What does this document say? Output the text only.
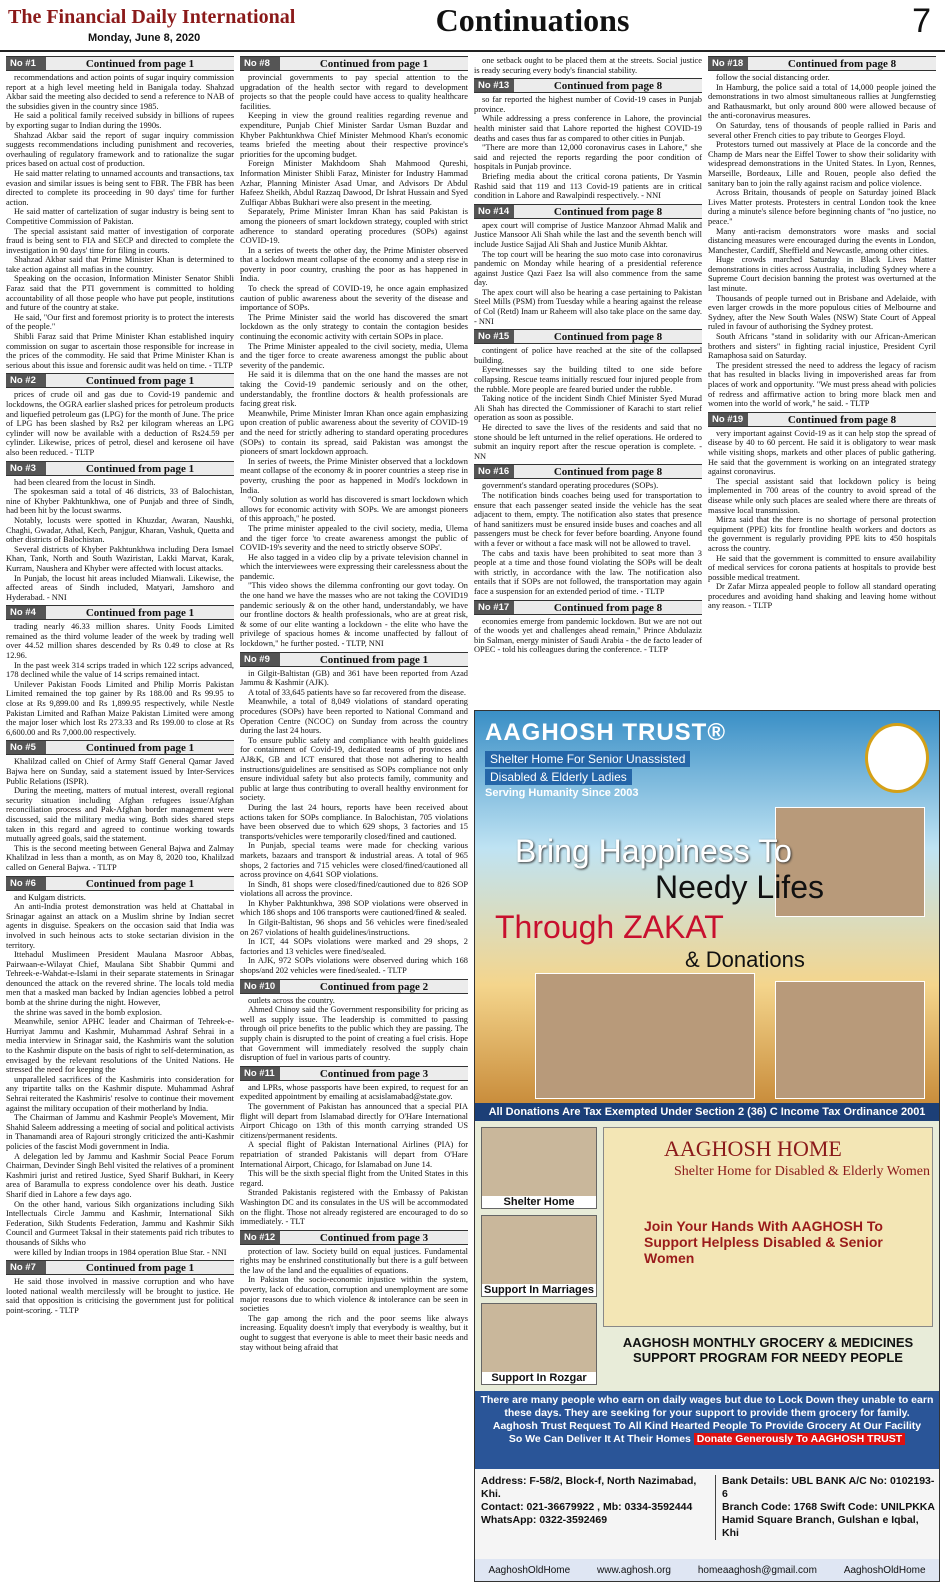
The Financial Daily International
Monday, June 8, 2020	Continuations	7
No #1	Continued from page 1

recommendations and action points of sugar inquiry commission report at a high level meeting held in Banigala today. Shahzad Akbar said the meeting also decided to send a reference to NAB of the subsidies given in the country since 1985.

He said a political family received subsidy in billions of rupees by exporting sugar to Indian during the 1990s.

Shahzad Akbar said the report of sugar inquiry commission suggests recommendations including punishment and recoveries, overhauling of regulatory framework and to rationalize the sugar prices based on actual cost of production.

He said matter relating to unnamed accounts and transactions, tax evasion and similar issues is being sent to FBR. The FBR has been directed to complete its proceeding in 90 days' time for further action.

He said matter of cartelization of sugar industry is being sent to Competitive Commission of Pakistan.

The special assistant said matter of investigation of corporate fraud is being sent to FIA and SECP and directed to complete the investigation in 90 days' time for filing in courts.

Shahzad Akbar said that Prime Minister Khan is determined to take action against all mafias in the country.

Speaking on the occasion, Information Minister Senator Shibli Faraz said that the PTI government is committed to holding accountability of all those people who have put people, institutions and future of the country at stake.

He said, "Our first and foremost priority is to protect the interests of the people."

Shibli Faraz said that Prime Minister Khan established inquiry commission on sugar to ascertain those responsible for increase in the prices of the commodity. He said that Prime Minister Khan is serious about this issue and forensic audit was held on time. - TLTP

No #2	Continued from page 1

prices of crude oil and gas due to Covid-19 pandemic and lockdowns, the OGRA earlier slashed prices for petroleum products and liquefied petroleum gas (LPG) for the month of June. The price of LPG has been slashed by Rs2 per kilogram whereas an LPG cylinder will now be available with a deduction of Rs24.59 per cylinder. Likewise, prices of petrol, diesel and kerosene oil have also been reduced. - TLTP

No #3	Continued from page 1

had been cleared from the locust in Sindh.

The spokesman said a total of 46 districts, 33 of Balochistan, nine of Khyber Pakhtunkhwa, one of Punjab and three of Sindh, had been hit by the locust swarms.

Notably, locusts were spotted in Khuzdar, Awaran, Naushki, Chaghi, Gwadar, Athal, Kech, Panjgur, Kharan, Vashuk, Quetta and other districts of Balochistan.

Several districts of Khyber Pakhtunkhwa including Dera Ismael Khan, Tank, North and South Waziristan, Lakki Marvat, Karak, Kurram, Naushera and Khyber were affected with locust attacks.

In Punjab, the locust hit areas included Mianwali. Likewise, the affected areas of Sindh included, Matyari, Jamshoro and Hyderabad. - NNI

No #4	Continued from page 1

trading nearly 46.33 million shares. Unity Foods Limited remained as the third volume leader of the week by trading well over 44.52 million shares descended by Rs 0.49 to close at Rs 12.96.

In the past week 314 scrips traded in which 122 scrips advanced, 178 declined while the value of 14 scrips remained intact.

Unilever Pakistan Foods Limited and Philip Morris Pakistan Limited remained the top gainer by Rs 188.00 and Rs 99.95 to close at Rs 9,899.00 and Rs 1,899.95 respectively, while Nestle Pakistan Limited and Rafhan Maize Pakistan Limited were among the major loser which lost Rs 273.33 and Rs 199.00 to close at Rs 6,600.00 and Rs 7,000.00 respectively.

No #5	Continued from page 1

Khalilzad called on Chief of Army Staff General Qamar Javed Bajwa here on Sunday, said a statement issued by Inter-Services Public Relations (ISPR).

During the meeting, matters of mutual interest, overall regional security situation including Afghan refugees issue/Afghan reconciliation process and Pak-Afghan border management were discussed, said the military media wing. Both sides shared steps taken in this regard and agreed to continue working towards mutually agreed goals, said the statement.

This is the second meeting between General Bajwa and Zalmay Khalilzad in less than a month, as on May 8, 2020 too, Khalilzad called on General Bajwa. - TLTP

No #6	Continued from page 1

and Kulgam districts.

An anti-India protest demonstration was held at Chattabal in Srinagar against an attack on a Muslim shrine by Indian secret agents in disguise. Speakers on the occasion said that India was involved in such heinous acts to stoke sectarian division in the territory.

Ittehadul Muslimeen President Maulana Masroor Abbas, Pairwaan-e-Wilayat Chief, Maulana Sibt Shabbir Qummi and Tehreek-e-Wahdat-e-Islami in their separate statements in Srinagar denounced the attack on the revered shrine. The locals told media men that a masked man backed by Indian agencies lobbed a petrol bomb at the shrine during the night. However,

the shrine was saved in the bomb explosion.

Meanwhile, senior APHC leader and Chairman of Tehreek-e-Hurriyat Jammu and Kashmir, Muhammad Ashraf Sehrai in a media interview in Srinagar said, the Kashmiris want the solution to the Kashmir dispute on the basis of right to self-determination, as envisaged by the relevant resolutions of the United Nations. He stressed the need for keeping the

unparalleled sacrifices of the Kashmiris into consideration for any tripartite talks on the Kashmir dispute. Muhammad Ashraf Sehrai reiterated the Kashmiris' resolve to continue their movement against the military occupation of their motherland by India.

The Chairman of Jammu and Kashmir People's Movement, Mir Shahid Saleem addressing a meeting of social and political activists in Thanamandi area of Rajouri strongly criticized the anti-Kashmir policies of the fascist Modi government in India.

A delegation led by Jammu and Kashmir Social Peace Forum Chairman, Devinder Singh Behl visited the relatives of a prominent Kashmiri jurist and retired Justice, Syed Sharif Bukhari, in Keery area of Baramulla to express condolence over his death. Justice Sharif died in Lahore a few days ago.

On the other hand, various Sikh organizations including Sikh Intellectuals Circle Jammu and Kashmir, International Sikh Federation, Sikh Students Federation, Jammu and Kashmir Sikh Council and Gurmeet Taksal in their statements paid rich tributes to thousands of Sikhs who

were killed by Indian troops in 1984 operation Blue Star. - NNI

No #7	Continued from page 1

He said those involved in massive corruption and who have looted national wealth mercilessly will be brought to justice. He said that opposition is criticising the government just for political point-scoring. - TLTP

No #8	Continued from page 1

provincial governments to pay special attention to the upgradation of the health sector with regard to development projects so that the people could have access to quality healthcare facilities.

Keeping in view the ground realities regarding revenue and expenditure, Punjab Chief Minister Sardar Usman Buzdar and Khyber Pakhtunkhwa Chief Minister Mehmood Khan's economic teams briefed the meeting about their respective province's priorities for the upcoming budget.

Foreign Minister Makhdoom Shah Mahmood Qureshi, Information Minister Shibli Faraz, Minister for Industry Hammad Azhar, Planning Minister Asad Umar, and Advisors Dr Abdul Hafeez Sheikh, Abdul Razzaq Dawood, Dr Ishrat Hussain and Syed Zulfiqar Abbas Bukhari were also present in the meeting.

Separately, Prime Minister Imran Khan has said Pakistan is among the pioneers of smart lockdown strategy, coupled with strict adherence to standard operating procedures (SOPs) against COVID-19.

In a series of tweets the other day, the Prime Minister observed that a lockdown meant collapse of the economy and a steep rise in poverty in poor country, crushing the poor as has happened in India.

To check the spread of COVID-19, he once again emphasized caution of public awareness about the severity of the disease and importance of SOPs.

The Prime Minister said the world has discovered the smart lockdown as the only strategy to contain the contagion besides continuing the economic activity with certain SOPs in place.

The Prime Minister appealed to the civil society, media, Ulema and the tiger force to create awareness amongst the public about severity of the pandemic.

He said it is dilemma that on the one hand the masses are not taking the Covid-19 pandemic seriously and on the other, understandably, the frontline doctors & health professionals are facing great risk.

Meanwhile, Prime Minister Imran Khan once again emphasizing upon creation of public awareness about the severity of COVID-19 and the need for strictly adhering to standard operating procedures (SOPs) to contain its spread, said Pakistan was amongst the pioneers of smart lockdown approach.

In series of tweets, the Prime Minister observed that a lockdown meant collapse of the economy & in poorer countries a steep rise in poverty, crushing the poor as happened in Modi's lockdown in India.

"Only solution as world has discovered is smart lockdown which allows for economic activity with SOPs. We are amongst pioneers of this approach," he posted.

The prime minister appealed to the civil society, media, Ulema and the tiger force 'to create awareness amongst the public of COVID-19's severity and the need to strictly observe SOPs'.

He also tagged in a video clip by a private television channel in which the interviewees were expressing their carelessness about the pandemic.

"This video shows the dilemma confronting our govt today. On the one hand we have the masses who are not taking the COVID19 pandemic seriously & on the other hand, understandably, we have our frontline doctors & health professionals, who are at great risk, & some of our elite wanting a lockdown - the elite who have the privilege of spacious homes & income unaffected by fallout of lockdown," he further posted. - TLTP, NNI

No #9	Continued from page 1

in Gilgit-Baltistan (GB) and 361 have been reported from Azad Jammu & Kashmir (AJK).

A total of 33,645 patients have so far recovered from the disease.

Meanwhile, a total of 8,049 violations of standard operating procedures (SOPs) have been reported to National Command and Operation Centre (NCOC) on Sunday from across the country during the last 24 hours.

To ensure public safety and compliance with health guidelines for containment of Covid-19, dedicated teams of provinces and AJ&K, GB and ICT ensured that those not adhering to health instructions/guidelines are sensitised as SOPs compliance not only ensure individual safety but also protects family, community and public at large thus contributing to overall healthy environment for society.

During the last 24 hours, reports have been received about actions taken for SOPs compliance. In Balochistan, 705 violations have been observed due to which 629 shops, 3 factories and 15 transports/vehicles were temporarily closed/fined and cautioned.

In Punjab, special teams were made for checking various markets, bazaars and transport & industrial areas. A total of 965 shops, 2 factories and 715 vehicles were closed/fined/cautioned all across province on 4,641 SOP violations.

In Sindh, 81 shops were closed/fined/cautioned due to 826 SOP violations all across the province.

In Khyber Pakhtunkhwa, 398 SOP violations were observed in which 186 shops and 106 transports were cautioned/fined & sealed.

In Gilgit-Baltistan, 96 shops and 56 vehicles were fined/sealed on 267 violations of health guidelines/instructions.

In ICT, 44 SOPs violations were marked and 29 shops, 2 factories and 13 vehicles were fined/sealed.

In AJK, 972 SOPs violations were observed during which 168 shops/and 202 vehicles were fined/sealed. - TLTP

No #10	Continued from page 2

outlets across the country.

Ahmed Chinoy said the Government responsibility for pricing as well as supply issue. The leadership is committed to passing through oil price benefits to the public which they are passing. The supply chain is disrupted to the point of creating a fuel crisis. Hope that Government will immediately resolved the supply chain disruption of fuel in various parts of country.

No #11	Continued from page 3

and LPRs, whose passports have been expired, to request for an expedited appointment by emailing at acsislamabad@state.gov.

The government of Pakistan has announced that a special PIA flight will depart from Islamabad directly for O'Hare International Airport Chicago on 13th of this month carrying stranded US citizens/permanent residents.

A special flight of Pakistan International Airlines (PIA) for repatriation of stranded Pakistanis will depart from O'Hare International Airport, Chicago, for Islamabad on June 14.

This will be the sixth special flight from the United States in this regard.

Stranded Pakistanis registered with the Embassy of Pakistan Washington DC and its consulates in the US will be accommodated on the flight. Those not already registered are encouraged to do so immediately. - TLT

No #12	Continued from page 3

protection of law. Society build on equal justices. Fundamental rights may be enshrined constitutionally but there is a gulf between the law of the land and the equalities of equations.

In Pakistan the socio-economic injustice within the system, poverty, lack of education, corruption and unemployment are some major reasons due to which violence & intolerance can be seen in societies

The gap among the rich and the poor seems like always increasing. Equality doesn't imply that everybody is wealthy, but it ought to suggest that everyone is able to meet their basic needs and stay without being afraid that

one setback ought to be placed them at the streets. Social justice is ready securing every body's financial stability.

No #13	Continued from page 8

so far reported the highest number of Covid-19 cases in Punjab province.

While addressing a press conference in Lahore, the provincial health minister said that Lahore reported the highest COVID-19 deaths and cases thus far as compared to other cities in Punjab.

"There are more than 12,000 coronavirus cases in Lahore," she said and rejected the reports regarding the poor condition of hospitals in Punjab province.

Briefing media about the critical corona patients, Dr Yasmin Rashid said that 119 and 113 Covid-19 patients are in critical condition in Lahore and Rawalpindi respectively. - NNI

No #14	Continued from page 8

apex court will comprise of Justice Manzoor Ahmad Malik and Justice Mansoor Ali Shah while the last and the seventh bench will include Justice Sajjad Ali Shah and Justice Munib Akhtar.

The top court will be hearing the suo moto case into coronavirus pandemic on Monday while hearing of a presidential reference against Justice Qazi Faez Isa will also commence from the same day.

The apex court will also be hearing a case pertaining to Pakistan Steel Mills (PSM) from Tuesday while a hearing against the release of Col (Retd) Inam ur Raheem will also take place on the same day. - NNI

No #15	Continued from page 8

contingent of police have reached at the site of the collapsed building.

Eyewitnesses say the building tilted to one side before collapsing. Rescue teams initially rescued four injured people from the rubble. More people are feared buried under the rubble.

Taking notice of the incident Sindh Chief Minister Syed Murad Ali Shah has directed the Commissioner of Karachi to start relief operation as soon as possible.

He directed to save the lives of the residents and said that no stone should be left unturned in the relief operations. He ordered to submit an inquiry report after the rescue operation is complete. - NN

No #16	Continued from page 8

government's standard operating procedures (SOPs).

The notification binds coaches being used for transportation to ensure that each passenger seated inside the vehicle has the seat adjacent to them, empty. The notification also states that presence of hand sanitizers must be ensured inside buses and coaches and all passengers must be check for fever before boarding. Anyone found with a fever or without a face mask will not be allowed to travel.

The cabs and taxis have been prohibited to seat more than 3 people at a time and those found violating the SOPs will be dealt with strictly, in accordance with the law. The notification also entails that if SOPs are not followed, the transportation may again face a suspension for an extended period of time. - TLTP

No #17	Continued from page 8

economies emerge from pandemic lockdown. But we are not out of the woods yet and challenges ahead remain," Prince Abdulaziz bin Salman, energy minister of Saudi Arabia - the de facto leader of OPEC - told his colleagues during the conference. - TLTP

No #18	Continued from page 8

follow the social distancing order.

In Hamburg, the police said a total of 14,000 people joined the demonstrations in two almost simultaneous rallies at Jungfernstieg and Rathausmarkt, but only around 800 were allowed because of the anti-coronavirus measures.

On Saturday, tens of thousands of people rallied in Paris and several other French cities to pay tribute to Georges Floyd.

Protestors turned out massively at Place de la concorde and the Champ de Mars near the Eiffel Tower to show their solidarity with widespread demonstrations in the United States. In Lyon, Rennes, Marseille, Bordeaux, Lille and Rouen, people also defied the sanitary ban to join the rally against racism and police violence.

Across Britain, thousands of people on Saturday joined Black Lives Matter protests. Protesters in central London took the knee during a minute's silence before beginning chants of "no justice, no peace."

Many anti-racism demonstrators wore masks and social distancing measures were encouraged during the events in London, Manchester, Cardiff, Sheffield and Newcastle, among other cities.

Huge crowds marched Saturday in Black Lives Matter demonstrations in cities across Australia, including Sydney where a Supreme Court decision banning the protest was overturned at the last minute.

Thousands of people turned out in Brisbane and Adelaide, with even larger crowds in the more populous cities of Melbourne and Sydney, after the New South Wales (NSW) State Court of Appeal ruled in favour of authorising the Sydney protest.

South Africans "stand in solidarity with our African-American brothers and sisters" in fighting racial injustice, President Cyril Ramaphosa said on Saturday.

The president stressed the need to address the legacy of racism that has resulted in blacks living in impoverished areas far from places of work and opportunity. "We must press ahead with policies of redress and affirmative action to bring more black men and women into the world of work," he said. - TLTP

No #19	Continued from page 8

very important against Covid-19 as it can help stop the spread of disease by 40 to 60 percent. He said it is obligatory to wear mask while visiting shops, markets and other places of public gathering. He said that the government is working on an integrated strategy against coronavirus.

The special assistant said that lockdown policy is being implemented in 700 areas of the country to avoid spread of the disease while only such places are sealed where there are threats of massive local transmission.

Mirza said that the there is no shortage of personal protection equipment (PPE) kits for frontline health workers and doctors as the government is regularly providing PPE kits to 450 hospitals across the country.

He said that the government is committed to ensure availability of medical services for corona patients at hospitals to provide best possible medical treatment.

Dr Zafar Mirza appealed people to follow all standard operating procedures and avoiding hand shaking and leaving home without any reason. - TLTP

AAGHOSH TRUST®
Shelter Home For Senior Unassisted
Disabled & Elderly Ladies
Serving Humanity Since 2003
Bring Happiness To
Needy Lifes
Through ZAKAT
& Donations
All Donations Are Tax Exempted Under Section 2 (36) C Income Tax Ordinance 2001
Shelter Home
Support In Marriages
Support In Rozgar
AAGHOSH HOME
Shelter Home for Disabled & Elderly Women
Join Your Hands With AAGHOSH To Support Helpless Disabled & Senior Women
AAGHOSH MONTHLY GROCERY & MEDICINES SUPPORT PROGRAM FOR NEEDY PEOPLE
There are many people who earn on daily wages but due to Lock Down they unable to earn these days. They are seeking for your support to provide them grocery for family.
Aaghosh Trust Request To All Kind Hearted People To Provide Grocery At Our Facility
So We Can Deliver It At Their Homes Donate Generously To AAGHOSH TRUST
Address: F-58/2, Block-f, North Nazimabad, Khi.
Contact: 021-36679922 , Mb: 0334-3592444
WhatsApp: 0322-3592469
Bank Details: UBL BANK A/C No: 0102193-6
Branch Code: 1768 Swift Code: UNILPKKA
Hamid Square Branch, Gulshan e Iqbal, Khi
AaghoshOldHome	www.aghosh.org	homeaaghosh@gmail.com	AaghoshOldHome
